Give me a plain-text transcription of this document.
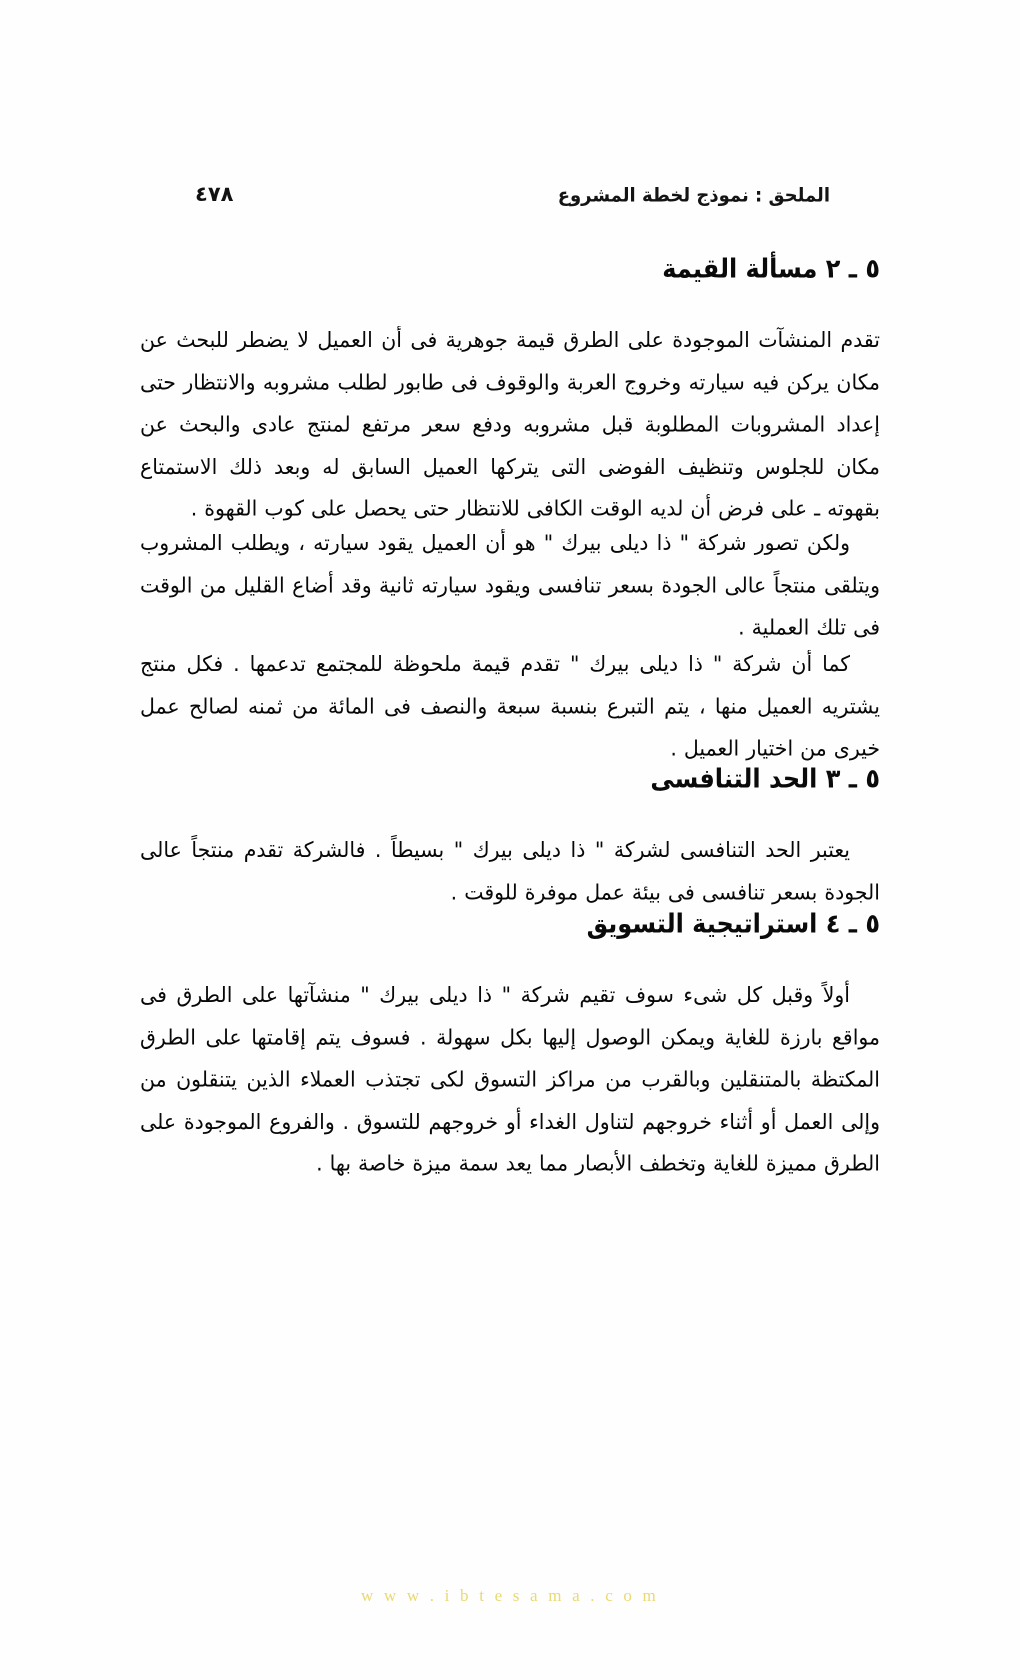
٤٧٨	الملحق : نموذج لخطة المشروع
٥ ـ ٢ مسألة القيمة

تقدم المنشآت الموجودة على الطرق قيمة جوهرية فى أن العميل لا يضطر للبحث عن مكان يركن فيه سيارته وخروج العربة والوقوف فى طابور لطلب مشروبه والانتظار حتى إعداد المشروبات المطلوبة قبل مشروبه ودفع سعر مرتفع لمنتج عادى والبحث عن مكان للجلوس وتنظيف الفوضى التى يتركها العميل السابق له وبعد ذلك الاستمتاع بقهوته ـ على فرض أن لديه الوقت الكافى للانتظار حتى يحصل على كوب القهوة .

ولكن تصور شركة " ذا ديلى بيرك " هو أن العميل يقود سيارته ، ويطلب المشروب ويتلقى منتجاً عالى الجودة بسعر تنافسى ويقود سيارته ثانية وقد أضاع القليل من الوقت فى تلك العملية .

كما أن شركة " ذا ديلى بيرك " تقدم قيمة ملحوظة للمجتمع تدعمها . فكل منتج يشتريه العميل منها ، يتم التبرع بنسبة سبعة والنصف فى المائة من ثمنه لصالح عمل خيرى من اختيار العميل .

٥ ـ ٣ الحد التنافسى

يعتبر الحد التنافسى لشركة " ذا ديلى بيرك " بسيطاً . فالشركة تقدم منتجاً عالى الجودة بسعر تنافسى فى بيئة عمل موفرة للوقت .

٥ ـ ٤ استراتيجية التسويق

أولاً وقبل كل شىء سوف تقيم شركة " ذا ديلى بيرك " منشآتها على الطرق فى مواقع بارزة للغاية ويمكن الوصول إليها بكل سهولة . فسوف يتم إقامتها على الطرق المكتظة بالمتنقلين وبالقرب من مراكز التسوق لكى تجتذب العملاء الذين يتنقلون من وإلى العمل أو أثناء خروجهم لتناول الغداء أو خروجهم للتسوق . والفروع الموجودة على الطرق مميزة للغاية وتخطف الأبصار مما يعد سمة ميزة خاصة بها .

w w w . i b t e s a m a . c o m
